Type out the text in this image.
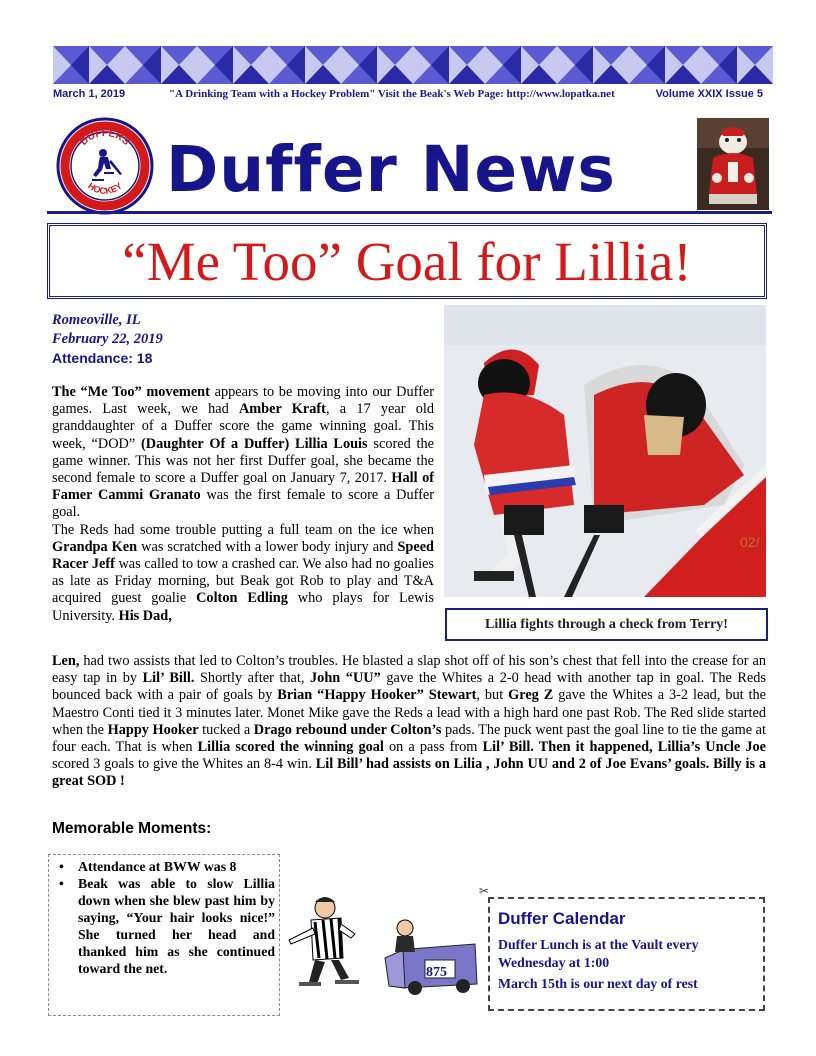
March 1, 2019	"A Drinking Team with a Hockey Problem" Visit the Beak's Web Page: http://www.lopatka.net	Volume XXIX Issue 5
DUFFERS
HOCKEY Duffer News
“Me Too” Goal for Lillia!
Romeoville, IL
February 22, 2019
Attendance: 18
02/
Lillia fights through a check from Terry!

The “Me Too” movement appears to be moving into our Duffer games. Last week, we had Amber Kraft, a 17 year old granddaughter of a Duffer score the game winning goal. This week, “DOD” (Daughter Of a Duffer) Lillia Louis scored the game winner. This was not her first Duffer goal, she became the second female to score a Duffer goal on January 7, 2017. Hall of Famer Cammi Granato was the first female to score a Duffer goal.

The Reds had some trouble putting a full team on the ice when Grandpa Ken was scratched with a lower body injury and Speed Racer Jeff was called to tow a crashed car. We also had no goalies as late as Friday morning, but Beak got Rob to play and T&A acquired guest goalie Colton Edling who plays for Lewis University. His Dad,

Len, had two assists that led to Colton’s troubles. He blasted a slap shot off of his son’s chest that fell into the crease for an easy tap in by Lil’ Bill. Shortly after that, John “UU” gave the Whites a 2-0 head with another tap in goal. The Reds bounced back with a pair of goals by Brian “Happy Hooker” Stewart, but Greg Z gave the Whites a 3-2 lead, but the Maestro Conti tied it 3 minutes later. Monet Mike gave the Reds a lead with a high hard one past Rob. The Red slide started when the Happy Hooker tucked a Drago rebound under Colton’s pads. The puck went past the goal line to tie the game at four each. That is when Lillia scored the winning goal on a pass from Lil’ Bill. Then it happened, Lillia’s Uncle Joe scored 3 goals to give the Whites an 8-4 win. Lil Bill’ had assists on Lilia , John UU and 2 of Joe Evans’ goals. Billy is a great SOD !

Memorable Moments:
• Attendance at BWW was 8
• Beak was able to slow Lillia down when she blew past him by saying, “Your hair looks nice!” She turned her head and thanked him as she continued toward the net.	875
✂
Duffer Calendar
Duffer Lunch is at the Vault every Wednesday at 1:00
March 15th is our next day of rest
